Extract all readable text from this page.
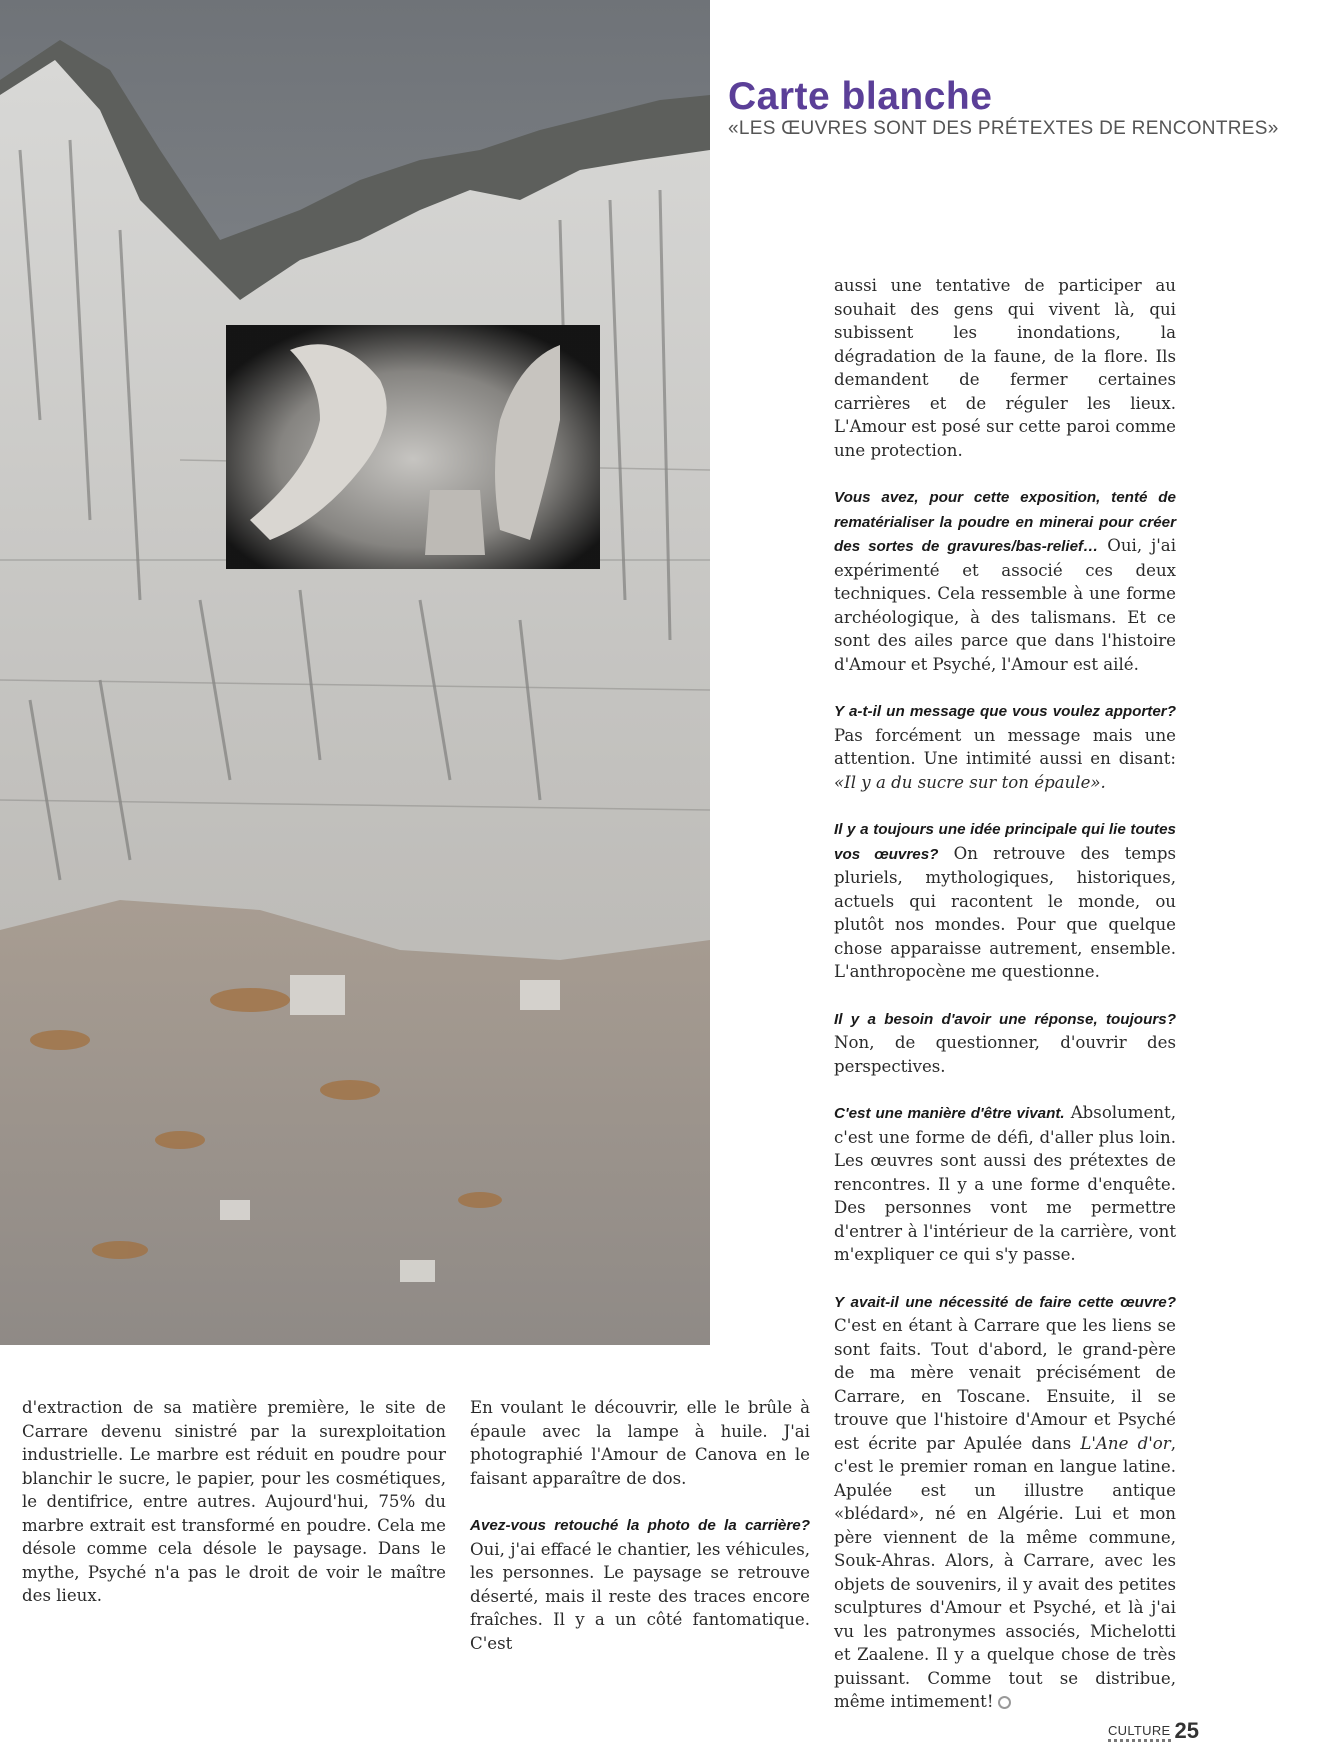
Carte blanche
«LES ŒUVRES SONT DES PRÉTEXTES DE RENCONTRES»

aussi une tentative de participer au souhait des gens qui vivent là, qui subissent les inondations, la dégradation de la faune, de la flore. Ils demandent de fermer certaines carrières et de réguler les lieux. L'Amour est posé sur cette paroi comme une protection.

Vous avez, pour cette exposition, tenté de rematérialiser la poudre en minerai pour créer des sortes de gravures/bas-relief… Oui, j'ai expérimenté et associé ces deux techniques. Cela ressemble à une forme archéologique, à des talismans. Et ce sont des ailes parce que dans l'histoire d'Amour et Psyché, l'Amour est ailé.

Y a-t-il un message que vous voulez apporter? Pas forcément un message mais une attention. Une intimité aussi en disant: «Il y a du sucre sur ton épaule».

Il y a toujours une idée principale qui lie toutes vos œuvres? On retrouve des temps pluriels, mythologiques, historiques, actuels qui racontent le monde, ou plutôt nos mondes. Pour que quelque chose apparaisse autrement, ensemble. L'anthropocène me questionne.

Il y a besoin d'avoir une réponse, toujours? Non, de questionner, d'ouvrir des perspectives.

C'est une manière d'être vivant. Absolument, c'est une forme de défi, d'aller plus loin. Les œuvres sont aussi des prétextes de rencontres. Il y a une forme d'enquête. Des personnes vont me permettre d'entrer à l'intérieur de la carrière, vont m'expliquer ce qui s'y passe.

Y avait-il une nécessité de faire cette œuvre? C'est en étant à Carrare que les liens se sont faits. Tout d'abord, le grand-père de ma mère venait précisément de Carrare, en Toscane. Ensuite, il se trouve que l'histoire d'Amour et Psyché est écrite par Apulée dans L'Ane d'or, c'est le premier roman en langue latine. Apulée est un illustre antique «blédard», né en Algérie. Lui et mon père viennent de la même commune, Souk-Ahras. Alors, à Carrare, avec les objets de souvenirs, il y avait des petites sculptures d'Amour et Psyché, et là j'ai vu les patronymes associés, Michelotti et Zaalene. Il y a quelque chose de très puissant. Comme tout se distribue, même intimement!

d'extraction de sa matière première, le site de Carrare devenu sinistré par la surexploitation industrielle. Le marbre est réduit en poudre pour blanchir le sucre, le papier, pour les cosmétiques, le dentifrice, entre autres. Aujourd'hui, 75% du marbre extrait est transformé en poudre. Cela me désole comme cela désole le paysage. Dans le mythe, Psyché n'a pas le droit de voir le maître des lieux.

En voulant le découvrir, elle le brûle à épaule avec la lampe à huile. J'ai photographié l'Amour de Canova en le faisant apparaître de dos.

Avez-vous retouché la photo de la carrière? Oui, j'ai effacé le chantier, les véhicules, les personnes. Le paysage se retrouve déserté, mais il reste des traces encore fraîches. Il y a un côté fantomatique. C'est

CULTURE 25
